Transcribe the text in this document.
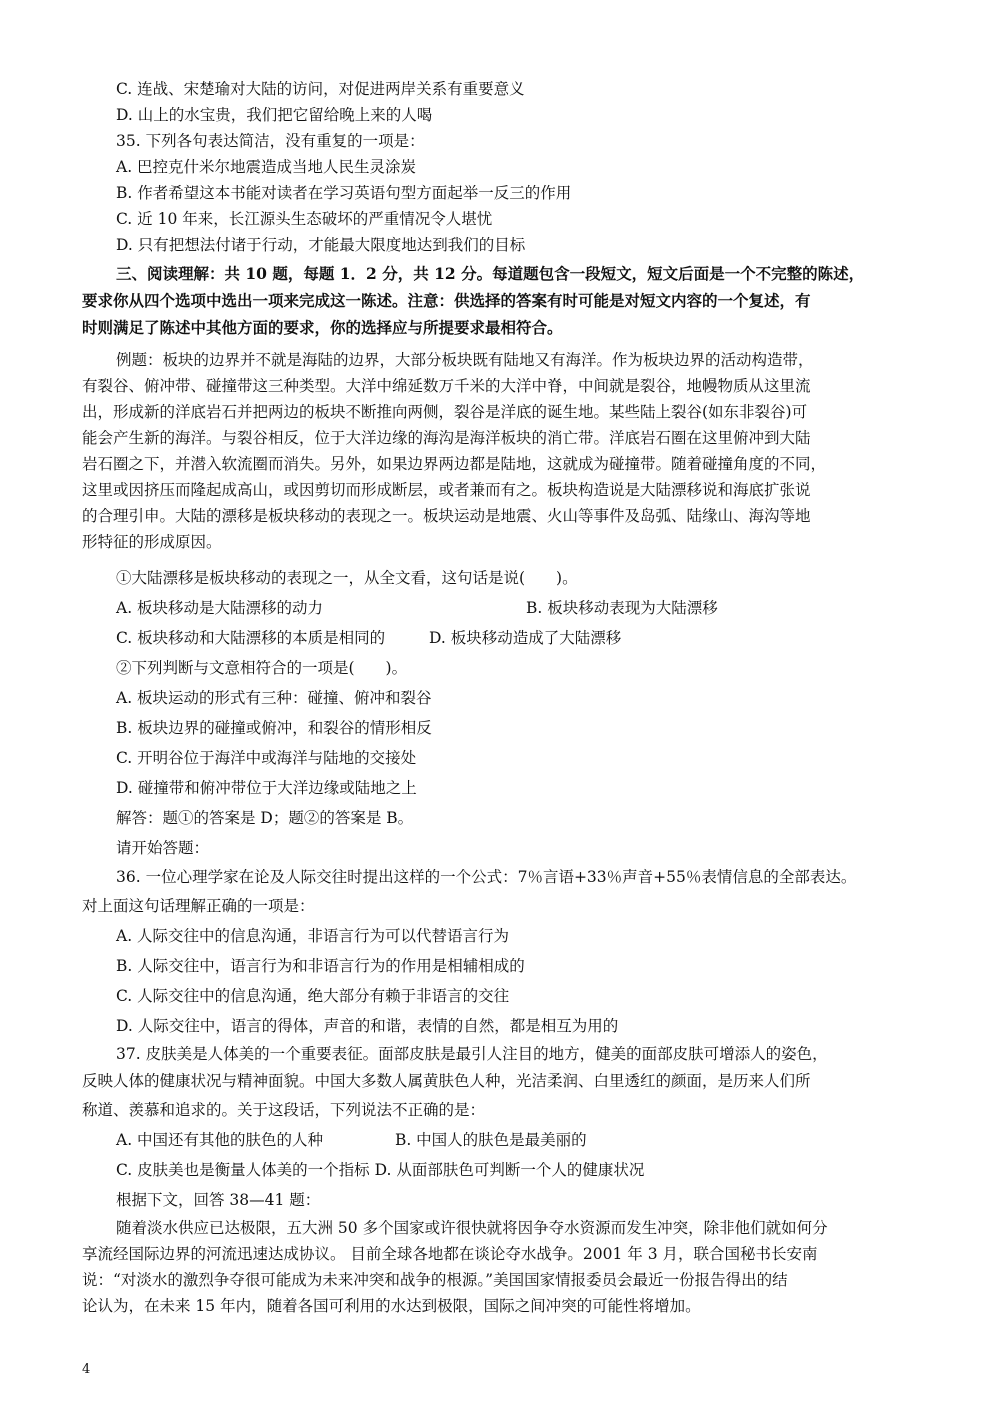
C. 连战、宋楚瑜对大陆的访问，对促进两岸关系有重要意义
D. 山上的水宝贵，我们把它留给晚上来的人喝
35. 下列各句表达简洁，没有重复的一项是：
A. 巴控克什米尔地震造成当地人民生灵涂炭
B. 作者希望这本书能对读者在学习英语句型方面起举一反三的作用
C. 近 10 年来，长江源头生态破坏的严重情况令人堪忧
D. 只有把想法付诸于行动，才能最大限度地达到我们的目标
三、阅读理解：共 10 题，每题 1．2 分，共 12 分。每道题包含一段短文，短文后面是一个不完整的陈述，
要求你从四个选项中选出一项来完成这一陈述。注意：供选择的答案有时可能是对短文内容的一个复述，有
时则满足了陈述中其他方面的要求，你的选择应与所提要求最相符合。
例题：板块的边界并不就是海陆的边界，大部分板块既有陆地又有海洋。作为板块边界的活动构造带，
有裂谷、俯冲带、碰撞带这三种类型。大洋中绵延数万千米的大洋中脊，中间就是裂谷，地幔物质从这里流
出，形成新的洋底岩石并把两边的板块不断推向两侧，裂谷是洋底的诞生地。某些陆上裂谷(如东非裂谷)可
能会产生新的海洋。与裂谷相反，位于大洋边缘的海沟是海洋板块的消亡带。洋底岩石圈在这里俯冲到大陆
岩石圈之下，并潜入软流圈而消失。另外，如果边界两边都是陆地，这就成为碰撞带。随着碰撞角度的不同，
这里或因挤压而隆起成高山，或因剪切而形成断层，或者兼而有之。板块构造说是大陆漂移说和海底扩张说
的合理引申。大陆的漂移是板块移动的表现之一。板块运动是地震、火山等事件及岛弧、陆缘山、海沟等地
形特征的形成原因。
①大陆漂移是板块移动的表现之一，从全文看，这句话是说(　　)。
A. 板块移动是大陆漂移的动力	B. 板块移动表现为大陆漂移
C. 板块移动和大陆漂移的本质是相同的	D. 板块移动造成了大陆漂移
②下列判断与文意相符合的一项是(　　)。
A. 板块运动的形式有三种：碰撞、俯冲和裂谷
B. 板块边界的碰撞或俯冲，和裂谷的情形相反
C. 开明谷位于海洋中或海洋与陆地的交接处
D. 碰撞带和俯冲带位于大洋边缘或陆地之上
解答：题①的答案是 D；题②的答案是 B。
请开始答题：
36. 一位心理学家在论及人际交往时提出这样的一个公式：7％言语+33％声音+55％表情信息的全部表达。
对上面这句话理解正确的一项是：
A. 人际交往中的信息沟通，非语言行为可以代替语言行为
B. 人际交往中，语言行为和非语言行为的作用是相辅相成的
C. 人际交往中的信息沟通，绝大部分有赖于非语言的交往
D. 人际交往中，语言的得体，声音的和谐，表情的自然，都是相互为用的
37. 皮肤美是人体美的一个重要表征。面部皮肤是最引人注目的地方，健美的面部皮肤可增添人的姿色，
反映人体的健康状况与精神面貌。中国大多数人属黄肤色人种，光洁柔润、白里透红的颜面，是历来人们所
称道、羡慕和追求的。关于这段话，下列说法不正确的是：
A. 中国还有其他的肤色的人种	B. 中国人的肤色是最美丽的
C. 皮肤美也是衡量人体美的一个指标 D. 从面部肤色可判断一个人的健康状况
根据下文，回答 38—41 题：
随着淡水供应已达极限，五大洲 50 多个国家或许很快就将因争夺水资源而发生冲突，除非他们就如何分
享流经国际边界的河流迅速达成协议。 目前全球各地都在谈论夺水战争。2001 年 3 月，联合国秘书长安南
说：“对淡水的激烈争夺很可能成为未来冲突和战争的根源。”美国国家情报委员会最近一份报告得出的结
论认为，在未来 15 年内，随着各国可利用的水达到极限，国际之间冲突的可能性将增加。
4
